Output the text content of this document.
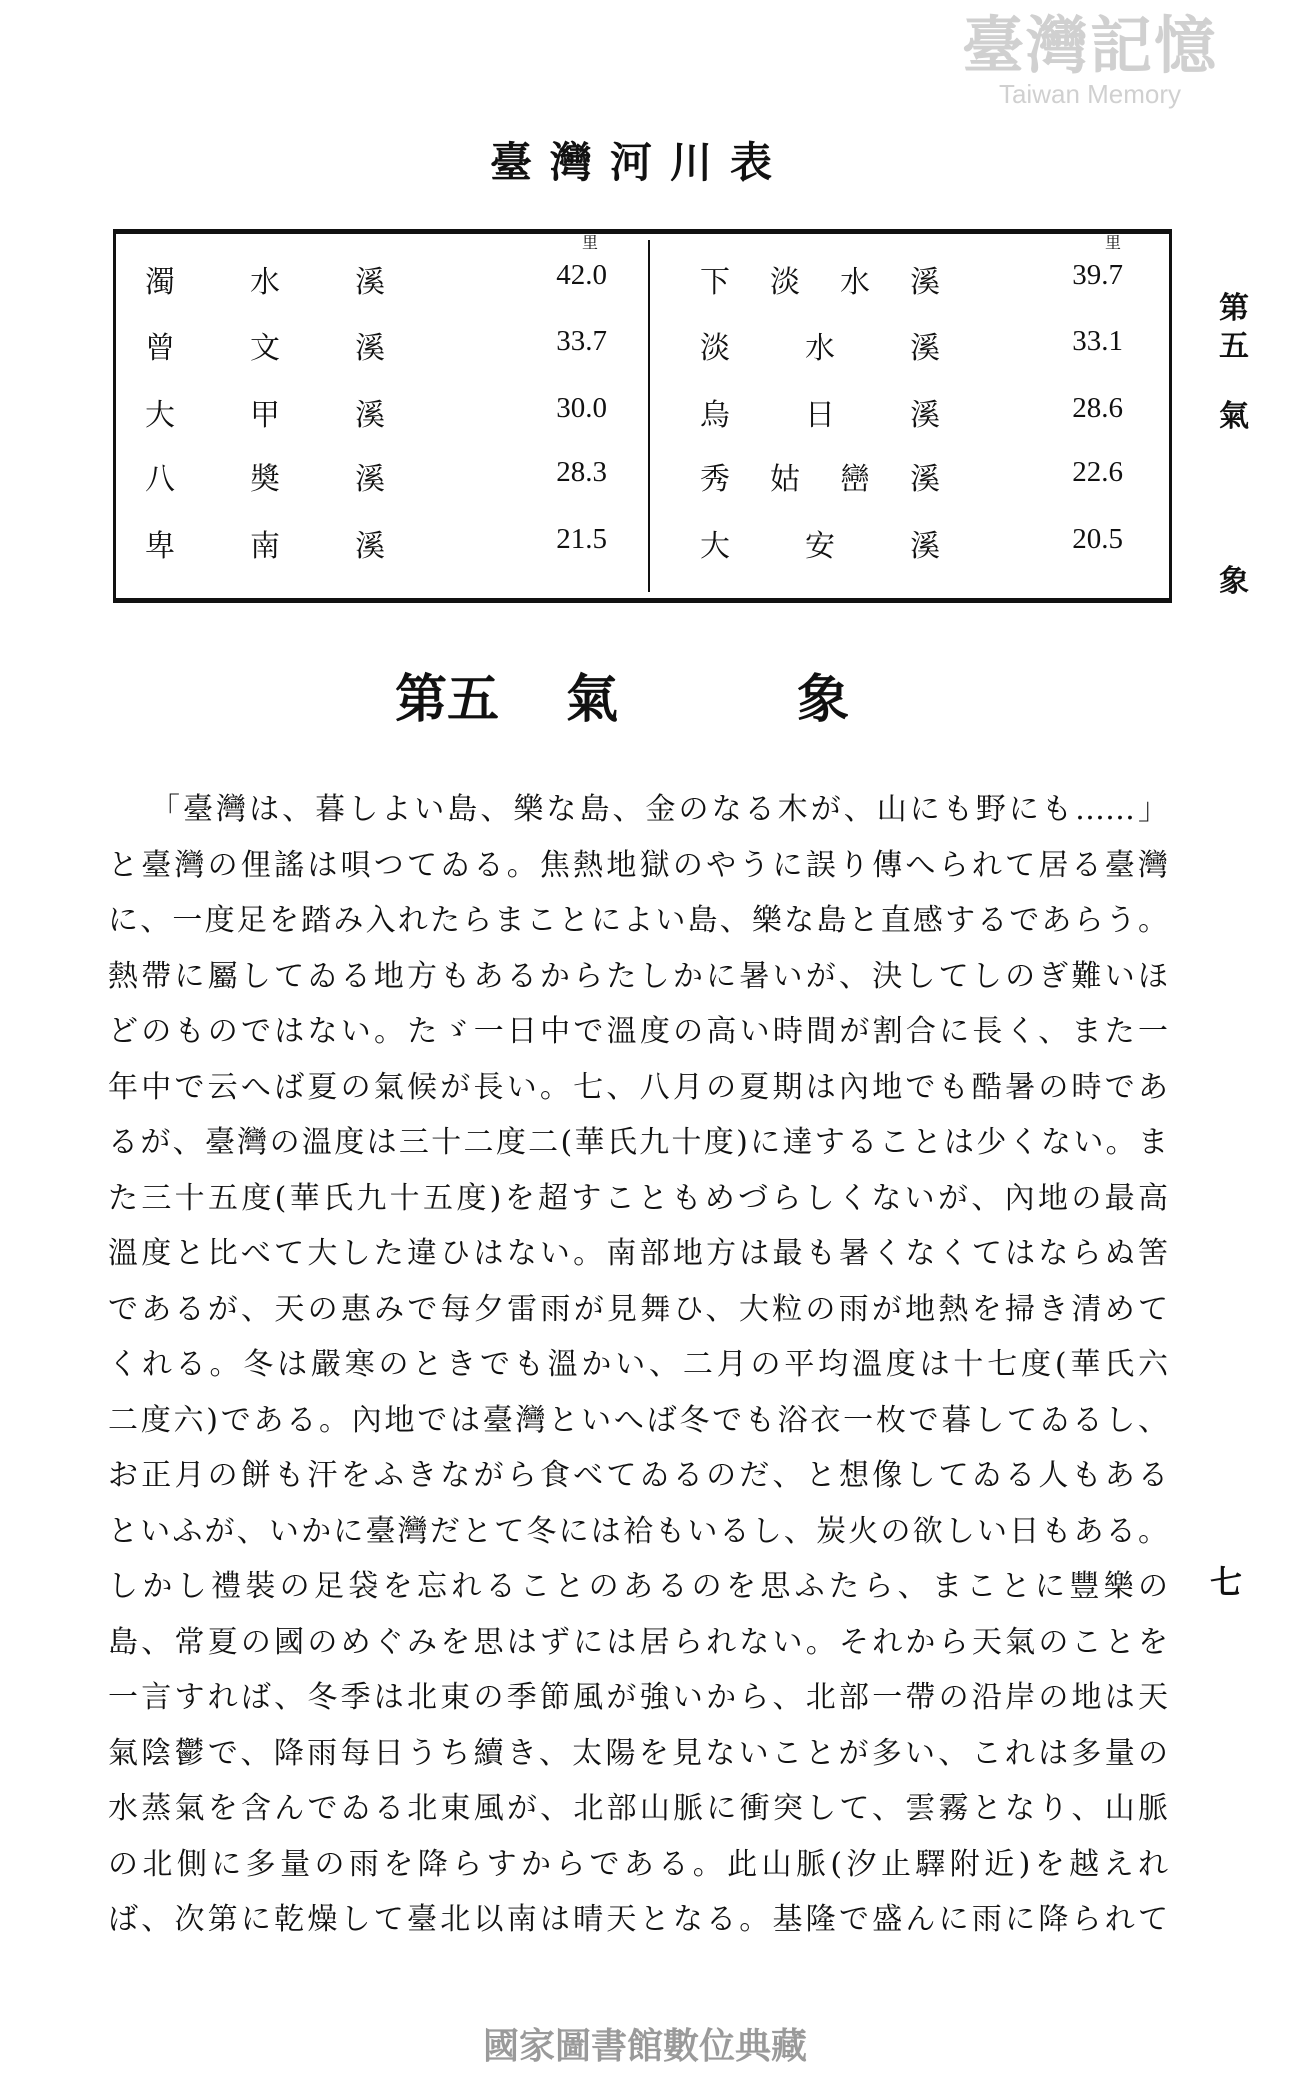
臺灣河川表
里	里
濁水溪	42.0
曾文溪	33.7
大甲溪	30.0
八奬溪	28.3
卑南溪	21.5
下淡水溪	39.7
淡水溪	33.1
烏日溪	28.6
秀姑巒溪	22.6
大安溪	20.5
第
五
氣
象
第五 氣	象
「臺灣は、暮しよい島、樂な島、金のなる木が、山にも野にも……」
と臺灣の俚謠は唄つてゐる。焦熱地獄のやうに誤り傳へられて居る臺灣
に、一度足を踏み入れたらまことによい島、樂な島と直感するであらう。
熱帶に屬してゐる地方もあるからたしかに暑いが、決してしのぎ難いほ
どのものではない。たゞ一日中で溫度の高い時間が割合に長く、また一
年中で云へば夏の氣候が長い。七、八月の夏期は內地でも酷暑の時であ
るが、臺灣の溫度は三十二度二(華氏九十度)に達することは少くない。ま
た三十五度(華氏九十五度)を超すこともめづらしくないが、內地の最高
溫度と比べて大した違ひはない。南部地方は最も暑くなくてはならぬ筈
であるが、天の惠みで每夕雷雨が見舞ひ、大粒の雨が地熱を掃き清めて
くれる。冬は嚴寒のときでも溫かい、二月の平均溫度は十七度(華氏六
二度六)である。內地では臺灣といへば冬でも浴衣一枚で暮してゐるし、
お正月の餅も汗をふきながら食べてゐるのだ、と想像してゐる人もある
といふが、いかに臺灣だとて冬には袷もいるし、炭火の欲しい日もある。
しかし禮裝の足袋を忘れることのあるのを思ふたら、まことに豐樂の
島、常夏の國のめぐみを思はずには居られない。それから天氣のことを
一言すれば、冬季は北東の季節風が強いから、北部一帶の沿岸の地は天
氣陰鬱で、降雨每日うち續き、太陽を見ないことが多い、これは多量の
水蒸氣を含んでゐる北東風が、北部山脈に衝突して、雲霧となり、山脈
の北側に多量の雨を降らすからである。此山脈(汐止驛附近)を越えれ
ば、次第に乾燥して臺北以南は晴天となる。基隆で盛んに雨に降られて
臺灣記憶
Taiwan Memory
七
國家圖書館數位典藏
